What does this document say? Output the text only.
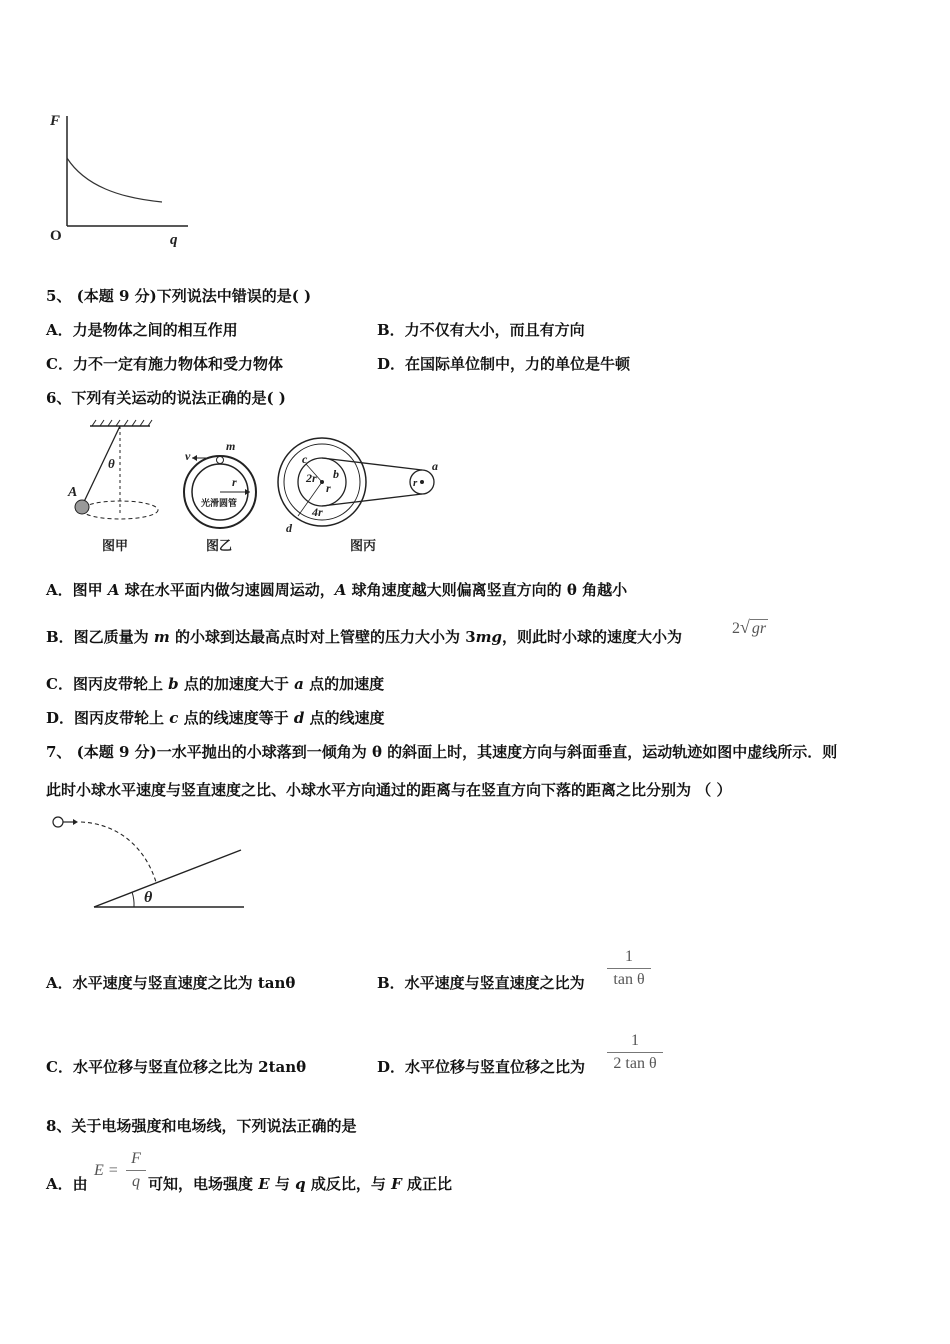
F
O	q
5、 (本题 9 分)下列说法中错误的是( )
A．力是物体之间的相互作用	B．力不仅有大小，而且有方向
C．力不一定有施力物体和受力物体	D．在国际单位制中，力的单位是牛顿
6、下列有关运动的说法正确的是( )
θ
A
图甲
v
m
r
光滑圆管
图乙
c
2r b
r
4r
d
a
r
图丙
A．图甲 A 球在水平面内做匀速圆周运动，A 球角速度越大则偏离竖直方向的 θ 角越小
B．图乙质量为 m 的小球到达最高点时对上管壁的压力大小为 3mg，则此时小球的速度大小为	2√ gr
C．图丙皮带轮上 b 点的加速度大于 a 点的加速度
D．图丙皮带轮上 c 点的线速度等于 d 点的线速度
7、 (本题 9 分)一水平抛出的小球落到一倾角为 θ 的斜面上时，其速度方向与斜面垂直，运动轨迹如图中虚线所示．则
此时小球水平速度与竖直速度之比、小球水平方向通过的距离与在竖直方向下落的距离之比分别为 （ ）
θ
A．水平速度与竖直速度之比为 tanθ	B．水平速度与竖直速度之比为
1
tan θ
C．水平位移与竖直位移之比为 2tanθ	D．水平位移与竖直位移之比为
1
2 tan θ
8、关于电场强度和电场线，下列说法正确的是
A．由
E =
F
q 可知，电场强度 E 与 q 成反比，与 F 成正比
